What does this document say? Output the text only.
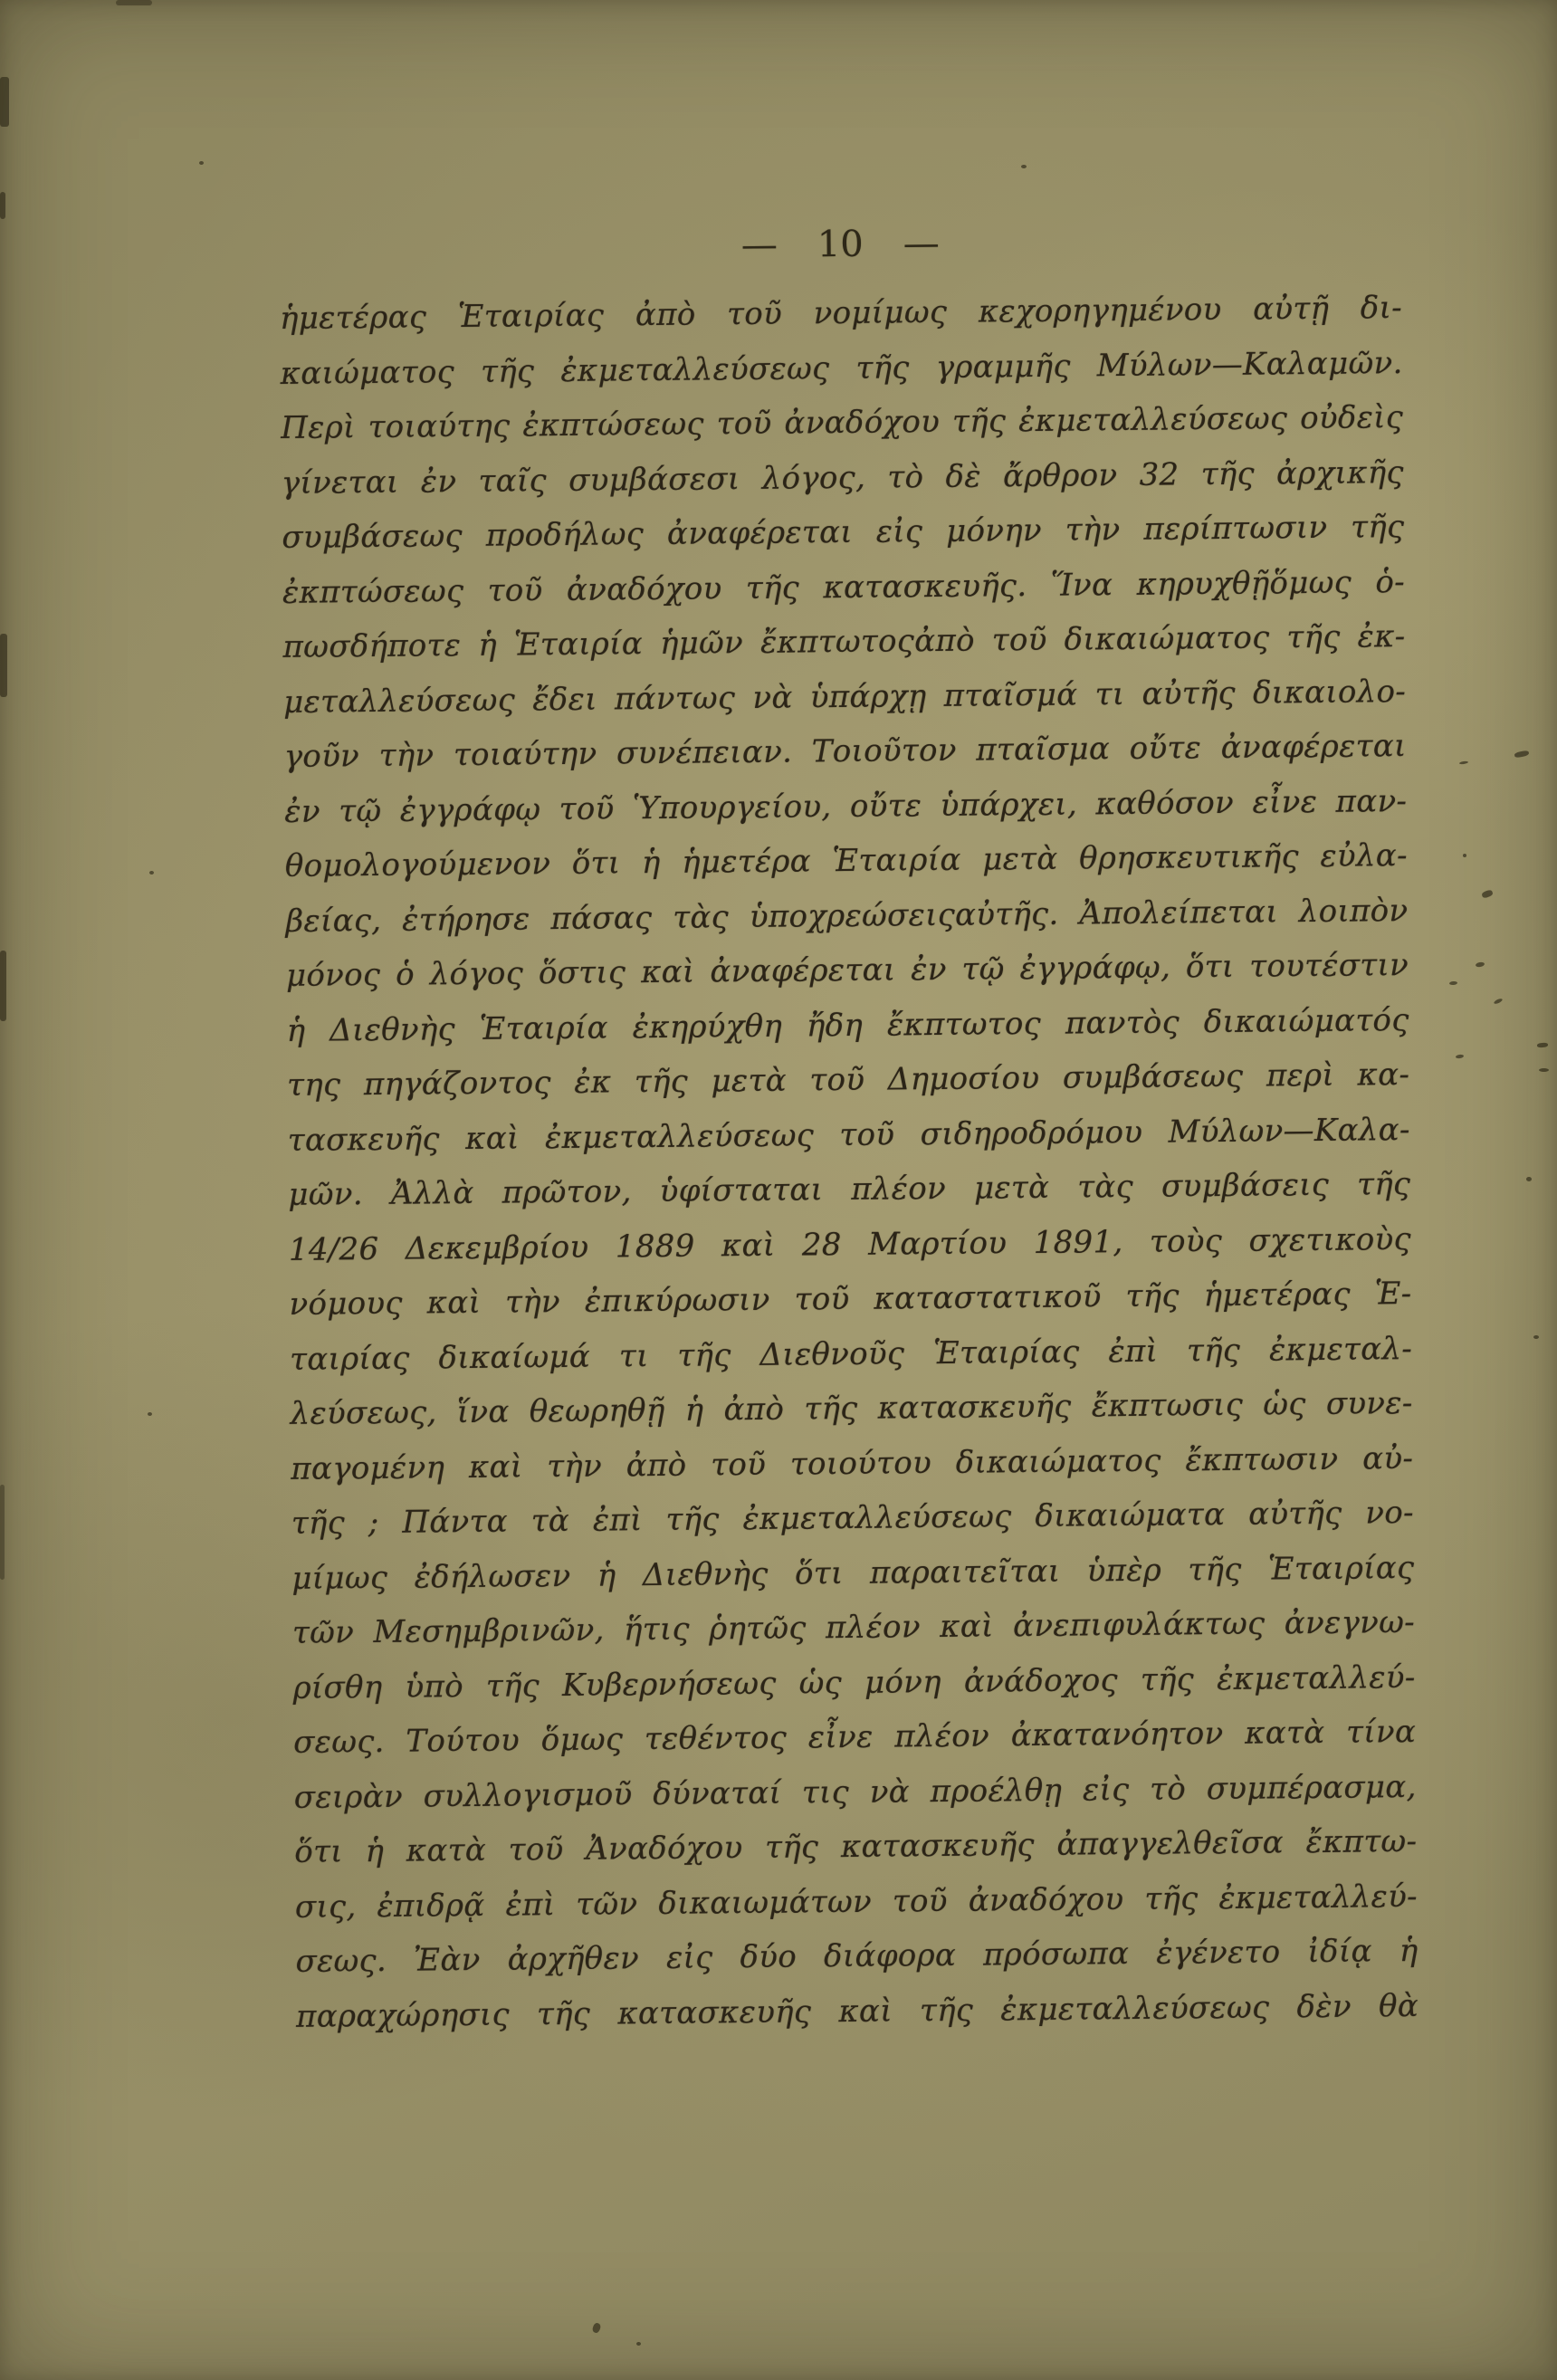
— 10 —
ἡμετέρας Ἑταιρίας ἀπὸ τοῦ νομίμως κεχορηγημένου αὐτῇ δι-
καιώματος τῆς ἐκμεταλλεύσεως τῆς γραμμῆς Μύλων—Καλαμῶν.
Περὶ τοιαύτης ἐκπτώσεως τοῦ ἀναδόχου τῆς ἐκμεταλλεύσεως οὐδεὶς
γίνεται ἐν ταῖς συμβάσεσι λόγος, τὸ δὲ ἄρθρον 32 τῆς ἀρχικῆς
συμβάσεως προδήλως ἀναφέρεται εἰς μόνην τὴν περίπτωσιν τῆς
ἐκπτώσεως τοῦ ἀναδόχου τῆς κατασκευῆς. Ἵνα κηρυχθῇὅμως ὁ-
πωσδήποτε ἡ Ἑταιρία ἡμῶν ἔκπτωτοςἀπὸ τοῦ δικαιώματος τῆς ἐκ-
μεταλλεύσεως ἔδει πάντως νὰ ὑπάρχῃ πταῖσμά τι αὐτῆς δικαιολο-
γοῦν τὴν τοιαύτην συνέπειαν. Τοιοῦτον πταῖσμα οὔτε ἀναφέρεται
ἐν τῷ ἐγγράφῳ τοῦ Ὑπουργείου, οὔτε ὑπάρχει, καθόσον εἶνε παν-
θομολογούμενον ὅτι ἡ ἡμετέρα Ἑταιρία μετὰ θρησκευτικῆς εὐλα-
βείας, ἐτήρησε πάσας τὰς ὑποχρεώσειςαὐτῆς. Ἀπολείπεται λοιπὸν
μόνος ὁ λόγος ὅστις καὶ ἀναφέρεται ἐν τῷ ἐγγράφῳ, ὅτι τουτέστιν
ἡ Διεθνὴς Ἑταιρία ἐκηρύχθη ἤδη ἔκπτωτος παντὸς δικαιώματός
της πηγάζοντος ἐκ τῆς μετὰ τοῦ Δημοσίου συμβάσεως περὶ κα-
τασκευῆς καὶ ἐκμεταλλεύσεως τοῦ σιδηροδρόμου Μύλων—Καλα-
μῶν. Ἀλλὰ πρῶτον, ὑφίσταται πλέον μετὰ τὰς συμβάσεις τῆς
14/26 Δεκεμβρίου 1889 καὶ 28 Μαρτίου 1891, τοὺς σχετικοὺς
νόμους καὶ τὴν ἐπικύρωσιν τοῦ καταστατικοῦ τῆς ἡμετέρας Ἑ-
ταιρίας δικαίωμά τι τῆς Διεθνοῦς Ἑταιρίας ἐπὶ τῆς ἐκμεταλ-
λεύσεως, ἵνα θεωρηθῇ ἡ ἀπὸ τῆς κατασκευῆς ἔκπτωσις ὡς συνε-
παγομένη καὶ τὴν ἀπὸ τοῦ τοιούτου δικαιώματος ἔκπτωσιν αὐ-
τῆς ; Πάντα τὰ ἐπὶ τῆς ἐκμεταλλεύσεως δικαιώματα αὐτῆς νο-
μίμως ἐδήλωσεν ἡ Διεθνὴς ὅτι παραιτεῖται ὑπὲρ τῆς Ἑταιρίας
τῶν Μεσημβρινῶν, ἥτις ῥητῶς πλέον καὶ ἀνεπιφυλάκτως ἀνεγνω-
ρίσθη ὑπὸ τῆς Κυβερνήσεως ὡς μόνη ἀνάδοχος τῆς ἐκμεταλλεύ-
σεως. Τούτου ὅμως τεθέντος εἶνε πλέον ἀκατανόητον κατὰ τίνα
σειρὰν συλλογισμοῦ δύναταί τις νὰ προέλθῃ εἰς τὸ συμπέρασμα,
ὅτι ἡ κατὰ τοῦ Ἀναδόχου τῆς κατασκευῆς ἀπαγγελθεῖσα ἔκπτω-
σις, ἐπιδρᾷ ἐπὶ τῶν δικαιωμάτων τοῦ ἀναδόχου τῆς ἐκμεταλλεύ-
σεως. Ἐὰν ἀρχῆθεν εἰς δύο διάφορα πρόσωπα ἐγένετο ἰδίᾳ ἡ
παραχώρησις τῆς κατασκευῆς καὶ τῆς ἐκμεταλλεύσεως δὲν θὰ
